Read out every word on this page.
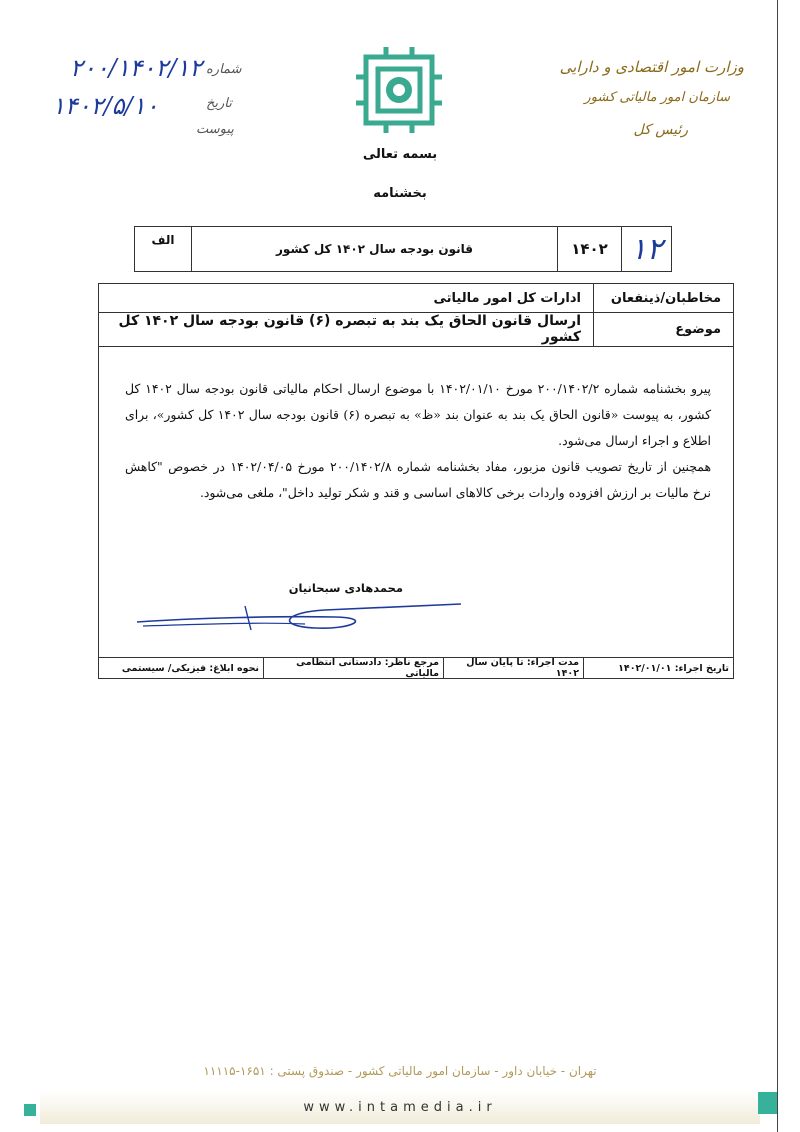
شماره
تاریخ
پیوست
۲۰۰/۱۴۰۲/۱۲
۱۴۰۲/۵/۱۰
وزارت امور اقتصادی و دارایی
سازمان امور مالیاتی کشور
رئیس کل
بسمه تعالی
بخشنامه
۱۲
۱۴۰۲
قانون بودجه سال ۱۴۰۲ کل کشور
الف
مخاطبان/ذینفعان
ادارات کل امور مالیاتی
موضوع
ارسال قانون الحاق یک بند به تبصره (۶) قانون بودجه سال ۱۴۰۲ کل کشور

پیرو بخشنامه شماره ۲۰۰/۱۴۰۲/۲ مورخ ۱۴۰۲/۰۱/۱۰ با موضوع ارسال احکام مالیاتی قانون بودجه سال ۱۴۰۲ کل کشور، به پیوست «قانون الحاق یک بند به عنوان بند «ظ» به تبصره (۶) قانون بودجه سال ۱۴۰۲ کل کشور»، برای اطلاع و اجراء ارسال می‌شود.

همچنین از تاریخ تصویب قانون مزبور، مفاد بخشنامه شماره ۲۰۰/۱۴۰۲/۸ مورخ ۱۴۰۲/۰۴/۰۵ در خصوص "کاهش نرخ مالیات بر ارزش افزوده واردات برخی کالاهای اساسی و قند و شکر تولید داخل"، ملغی می‌شود.

محمدهادی سبحانیان
تاریخ اجراء: ۱۴۰۲/۰۱/۰۱
مدت اجراء: تا پایان سال ۱۴۰۲
مرجع ناظر: دادستانی انتظامی مالیاتی
نحوه ابلاغ: فیزیکی/ سیستمی
تهران - خیابان داور - سازمان امور مالیاتی کشور - صندوق پستی : ۱۶۵۱-۱۱۱۱۵
www.intamedia.ir
